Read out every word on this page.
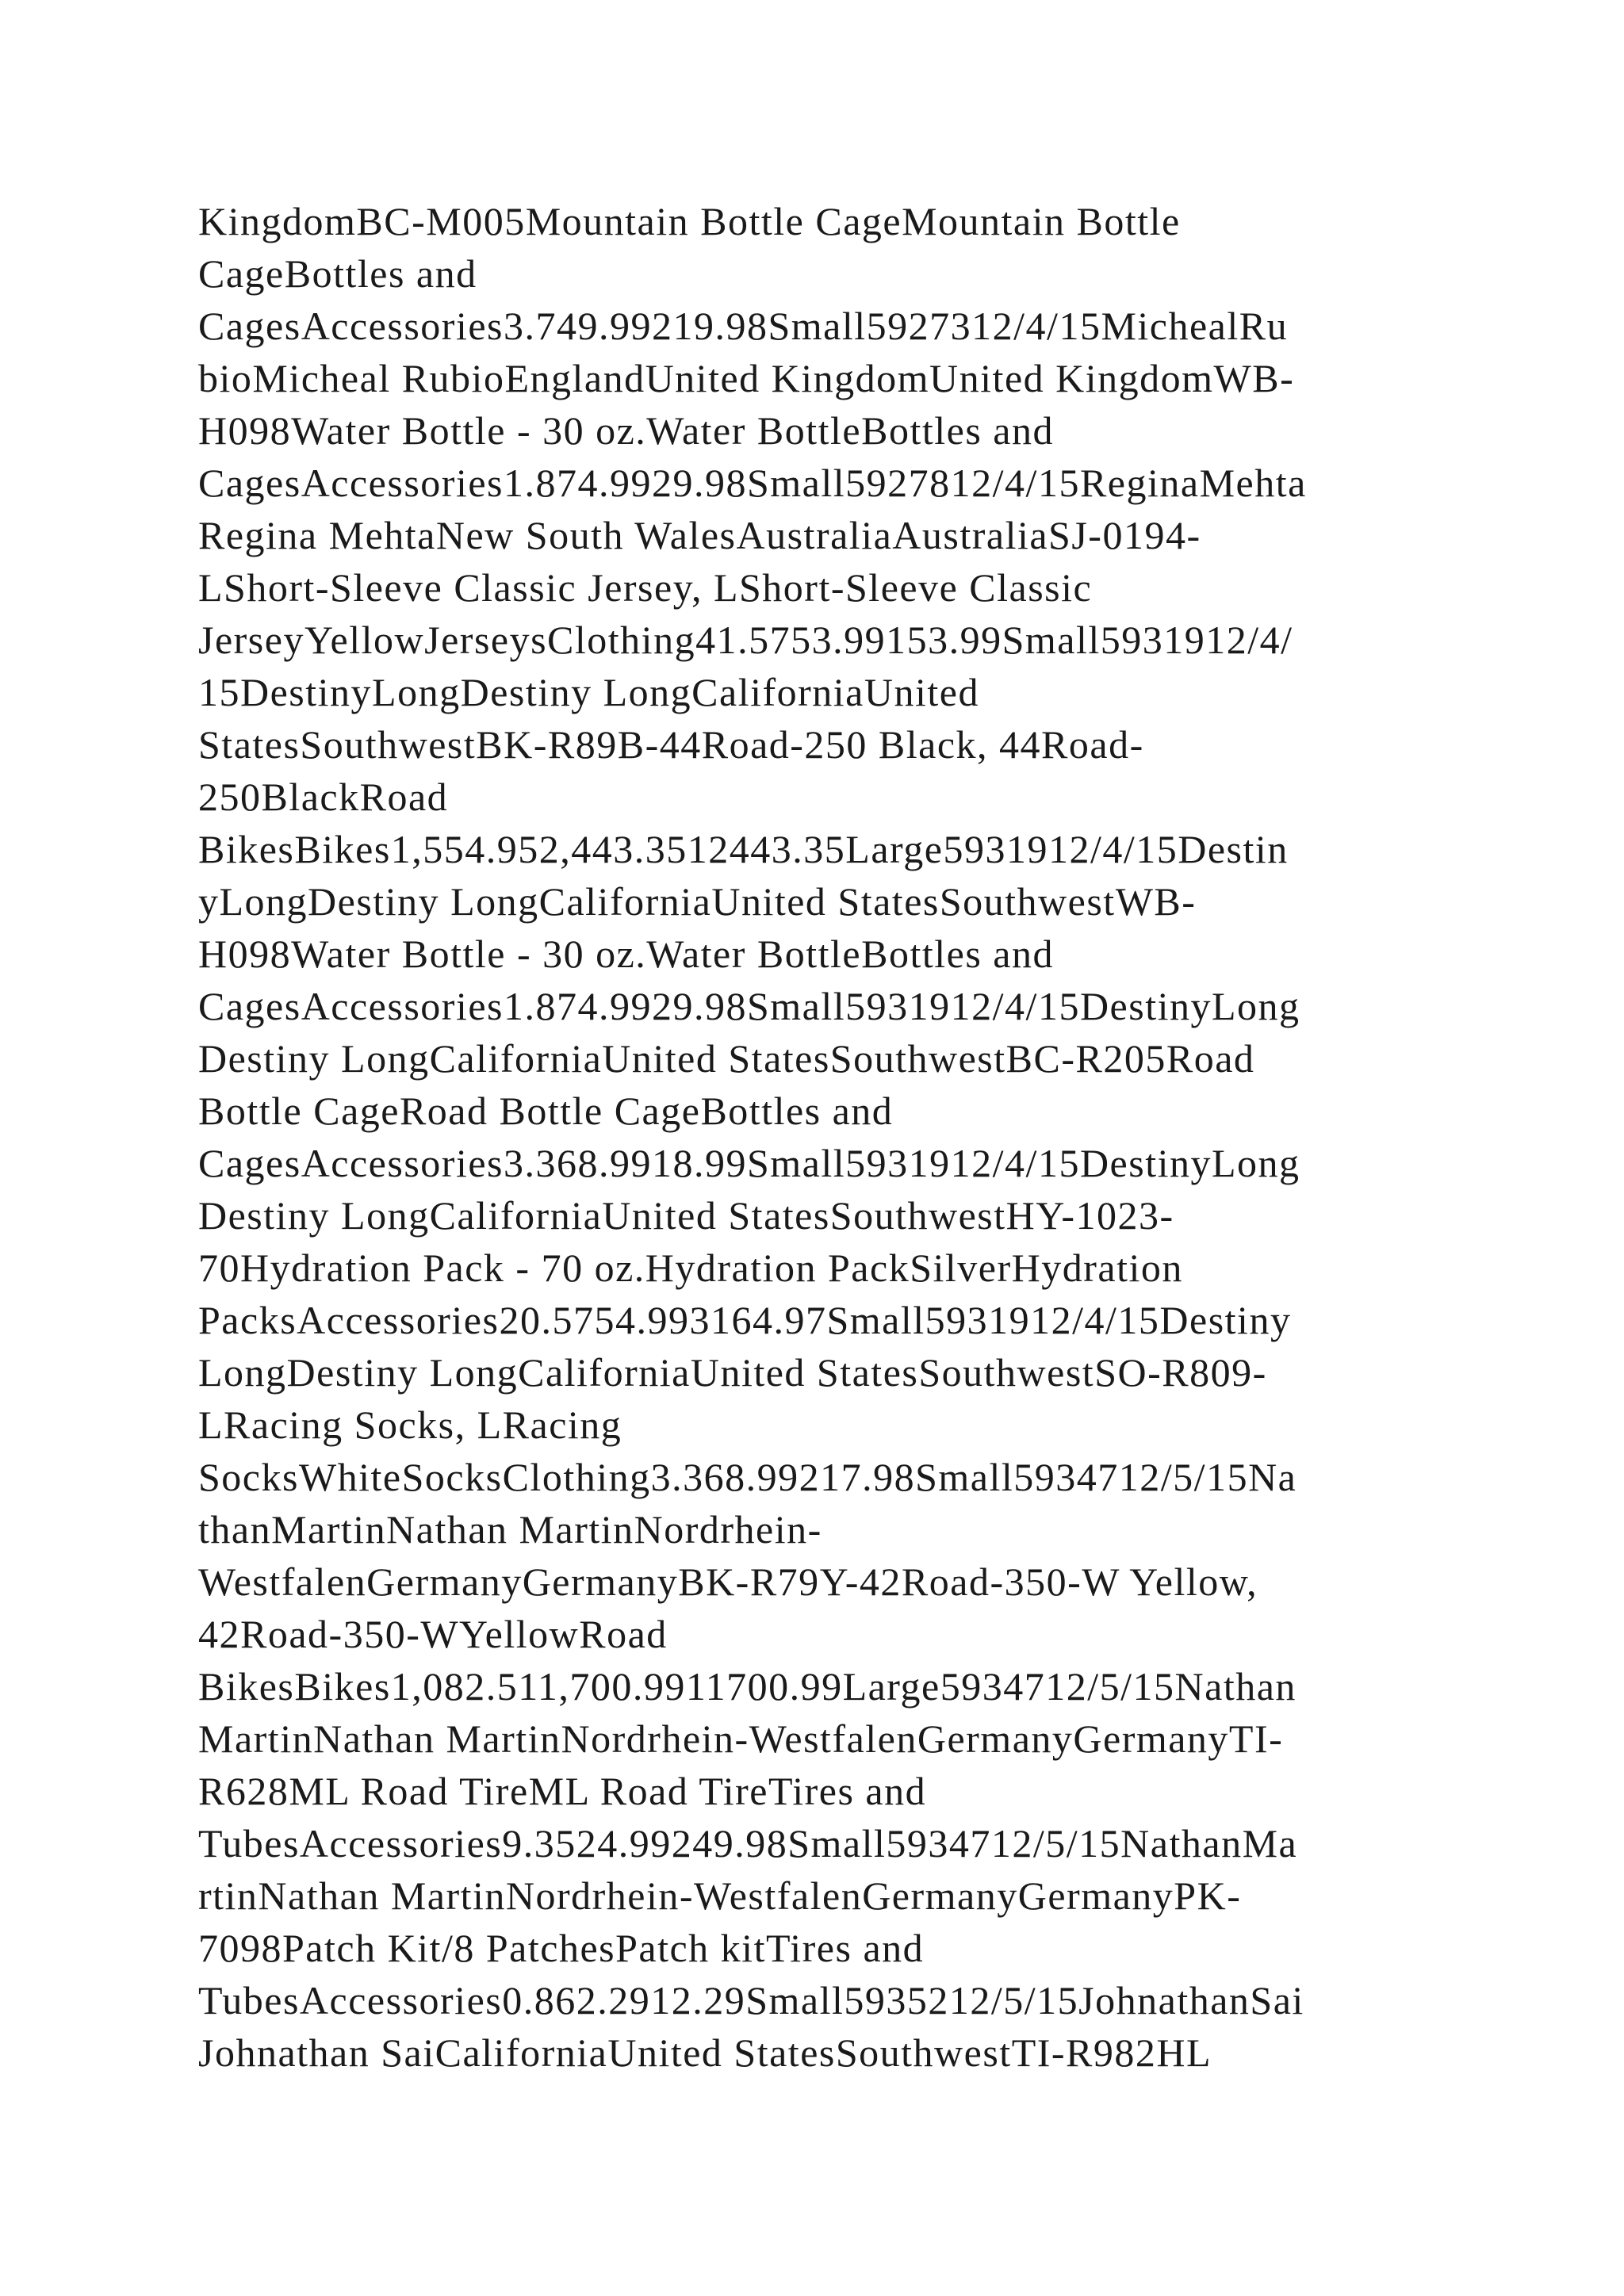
KingdomBC-M005Mountain Bottle CageMountain Bottle
CageBottles and
CagesAccessories3.749.99219.98Small5927312/4/15MichealRu
bioMicheal RubioEnglandUnited KingdomUnited KingdomWB-
H098Water Bottle - 30 oz.Water BottleBottles and
CagesAccessories1.874.9929.98Small5927812/4/15ReginaMehta
Regina MehtaNew South WalesAustraliaAustraliaSJ-0194-
LShort-Sleeve Classic Jersey, LShort-Sleeve Classic
JerseyYellowJerseysClothing41.5753.99153.99Small5931912/4/
15DestinyLongDestiny LongCaliforniaUnited
StatesSouthwestBK-R89B-44Road-250 Black, 44Road-
250BlackRoad
BikesBikes1,554.952,443.3512443.35Large5931912/4/15Destin
yLongDestiny LongCaliforniaUnited StatesSouthwestWB-
H098Water Bottle - 30 oz.Water BottleBottles and
CagesAccessories1.874.9929.98Small5931912/4/15DestinyLong
Destiny LongCaliforniaUnited StatesSouthwestBC-R205Road
Bottle CageRoad Bottle CageBottles and
CagesAccessories3.368.9918.99Small5931912/4/15DestinyLong
Destiny LongCaliforniaUnited StatesSouthwestHY-1023-
70Hydration Pack - 70 oz.Hydration PackSilverHydration
PacksAccessories20.5754.993164.97Small5931912/4/15Destiny
LongDestiny LongCaliforniaUnited StatesSouthwestSO-R809-
LRacing Socks, LRacing
SocksWhiteSocksClothing3.368.99217.98Small5934712/5/15Na
thanMartinNathan MartinNordrhein-
WestfalenGermanyGermanyBK-R79Y-42Road-350-W Yellow,
42Road-350-WYellowRoad
BikesBikes1,082.511,700.9911700.99Large5934712/5/15Nathan
MartinNathan MartinNordrhein-WestfalenGermanyGermanyTI-
R628ML Road TireML Road TireTires and
TubesAccessories9.3524.99249.98Small5934712/5/15NathanMa
rtinNathan MartinNordrhein-WestfalenGermanyGermanyPK-
7098Patch Kit/8 PatchesPatch kitTires and
TubesAccessories0.862.2912.29Small5935212/5/15JohnathanSai
Johnathan SaiCaliforniaUnited StatesSouthwestTI-R982HL
